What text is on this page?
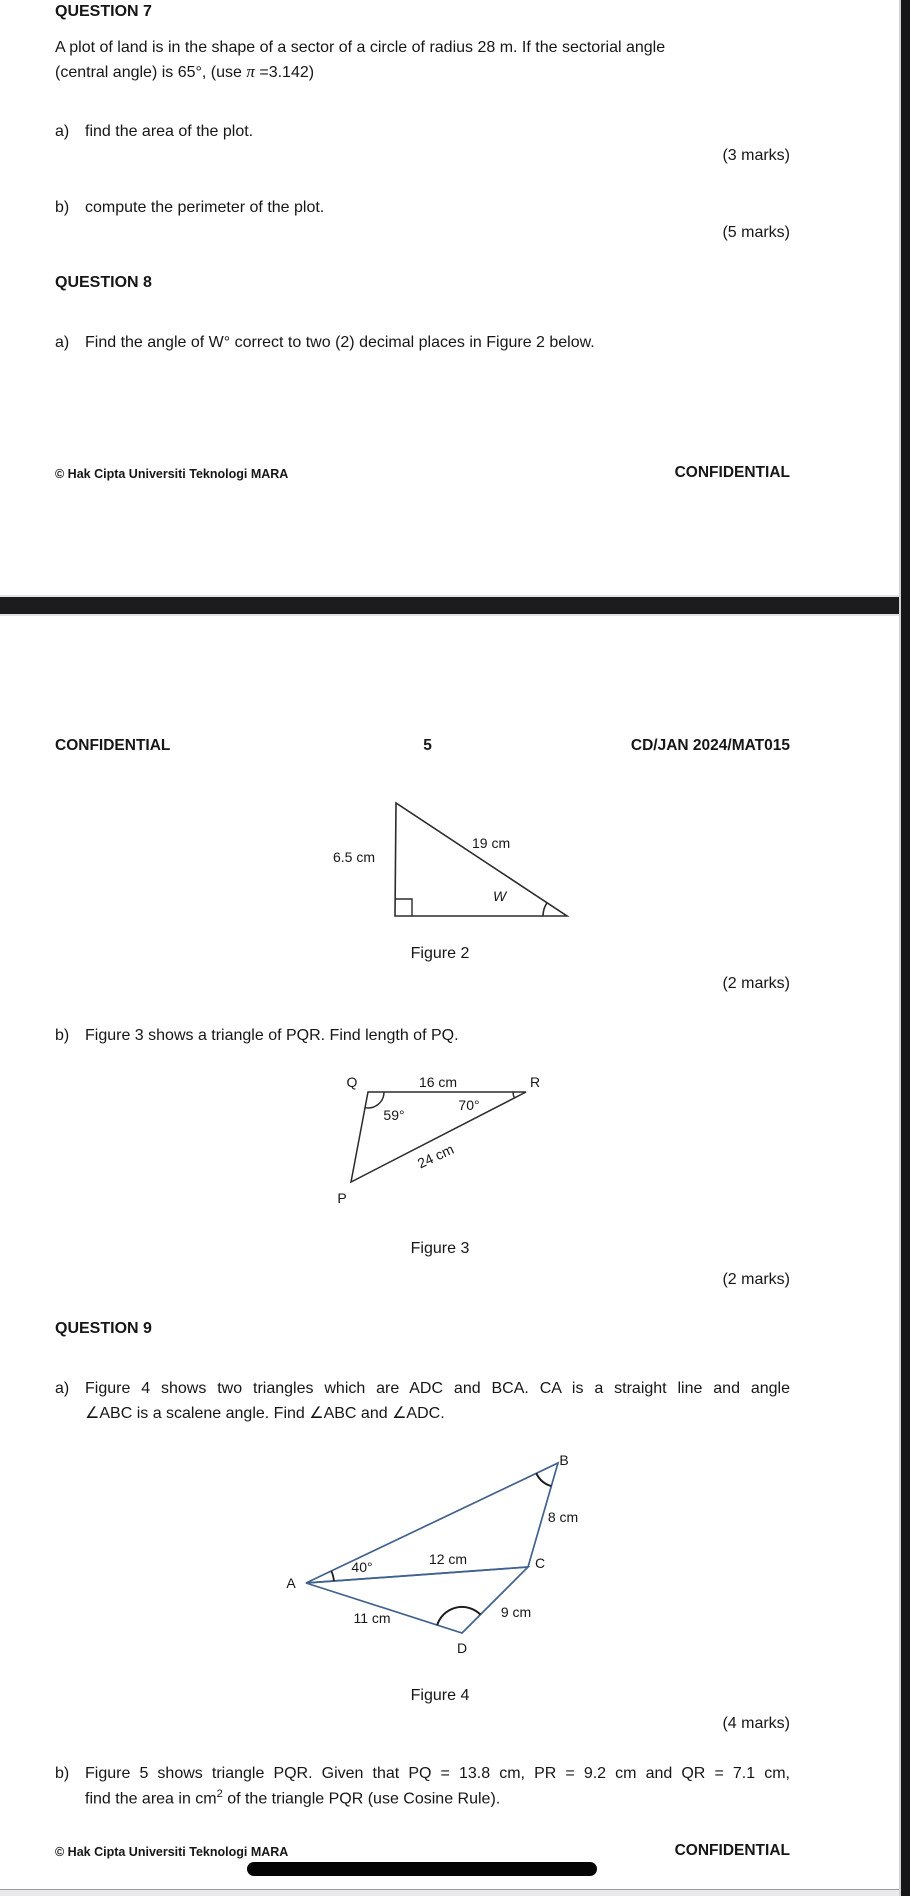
QUESTION 7
A plot of land is in the shape of a sector of a circle of radius 28 m. If the sectorial angle
(central angle) is 65°, (use π =3.142)
a) find the area of the plot.
(3 marks)
b) compute the perimeter of the plot.
(5 marks)
QUESTION 8
a) Find the angle of W° correct to two (2) decimal places in Figure 2 below.
© Hak Cipta Universiti Teknologi MARA	CONFIDENTIAL
CONFIDENTIAL	5	CD/JAN 2024/MAT015
6.5 cm
19 cm
W
Figure 2
(2 marks)
b) Figure 3 shows a triangle of PQR. Find length of PQ.
Q	R
P
16 cm
59°
70°
24 cm
Figure 3
(2 marks)
QUESTION 9
a) Figure 4 shows two triangles which are ADC and BCA. CA is a straight line and angle
∠ABC is a scalene angle. Find ∠ABC and ∠ADC.
A
B
C
D
40°	12 cm
8 cm
9 cm
11 cm
Figure 4
(4 marks)
b) Figure 5 shows triangle PQR. Given that PQ = 13.8 cm, PR = 9.2 cm and QR = 7.1 cm,
find the area in $cm^2$ of the triangle PQR (use Cosine Rule).
© Hak Cipta Universiti Teknologi MARA	CONFIDENTIAL
